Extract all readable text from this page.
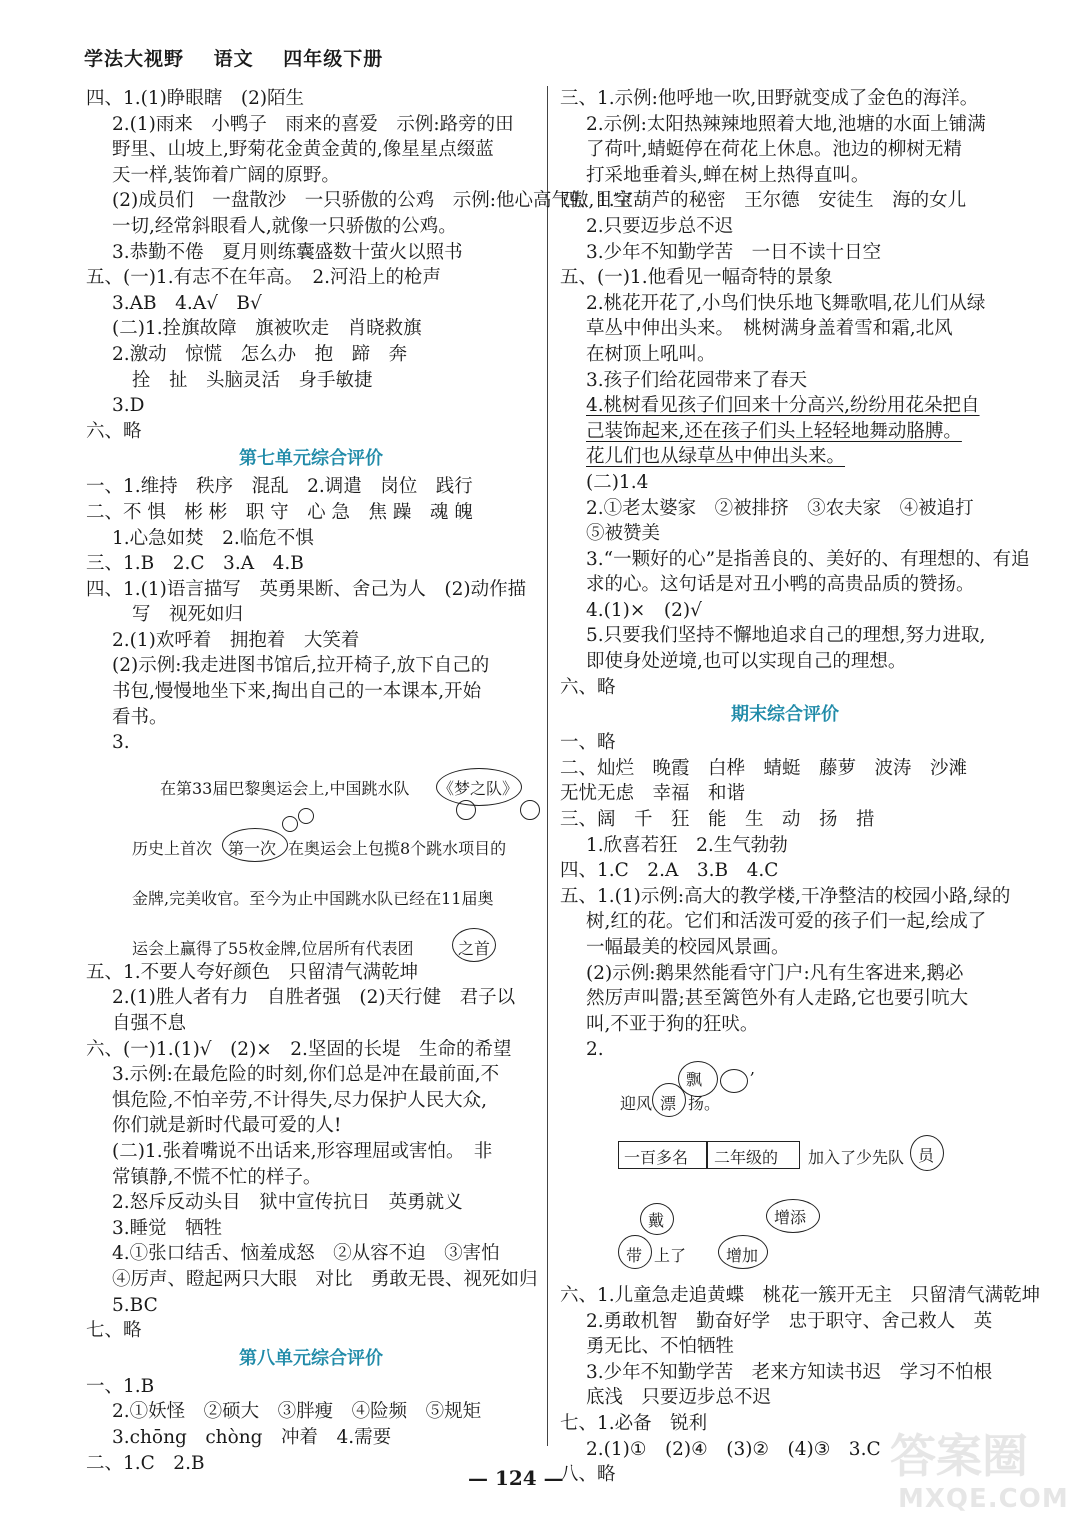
学法大视野 语文 四年级下册
四、1.(1)睁眼瞎　(2)陌生
2.(1)雨来　小鸭子　雨来的喜爱　示例:路旁的田
野里、山坡上,野菊花金黄金黄的,像星星点缀蓝
天一样,装饰着广阔的原野。
(2)成员们　一盘散沙　一只骄傲的公鸡　示例:他心高气傲,目空
一切,经常斜眼看人,就像一只骄傲的公鸡。
3.恭勤不倦　夏月则练囊盛数十萤火以照书
五、(一)1.有志不在年高。　2.河沿上的枪声
3.AB　4.A√　B√
(二)1.拴旗故障　旗被吹走　肖晓救旗
2.激动　惊慌　怎么办　抱　蹄　奔
拴　扯　头脑灵活　身手敏捷
3.D
六、略
第七单元综合评价
一、1.维持　秩序　混乱　2.调遣　岗位　践行
二、不 惧　彬 彬　职 守　心 急　焦 躁　魂 魄
1.心急如焚　2.临危不惧
三、1.B　2.C　3.A　4.B
四、1.(1)语言描写　英勇果断、舍己为人　(2)动作描
写　视死如归
2.(1)欢呼着　拥抱着　大笑着
(2)示例:我走进图书馆后,拉开椅子,放下自己的
书包,慢慢地坐下来,掏出自己的一本课本,开始
看书。
3.
在第33届巴黎奥运会上,中国跳水队 《梦之队》
历史上首次 第一次 在奥运会上包揽8个跳水项目的
金牌,完美收官。至今为止中国跳水队已经在11届奥
运会上赢得了55枚金牌,位居所有代表团	之首
五、1.不要人夸好颜色　只留清气满乾坤
2.(1)胜人者有力　自胜者强　(2)天行健　君子以
自强不息
六、(一)1.(1)√　(2)×　2.坚固的长堤　生命的希望
3.示例:在最危险的时刻,你们总是冲在最前面,不
惧危险,不怕辛劳,不计得失,尽力保护人民大众,
你们就是新时代最可爱的人!
(二)1.张着嘴说不出话来,形容理屈或害怕。　非
常镇静,不慌不忙的样子。
2.怒斥反动头目　狱中宣传抗日　英勇就义
3.睡觉　牺牲
4.①张口结舌、恼羞成怒　②从容不迫　③害怕
④厉声、瞪起两只大眼　对比　勇敢无畏、视死如归
5.BC
七、略
第八单元综合评价
一、1.B
2.①妖怪　②硕大　③胖瘦　④险频　⑤规矩
3.chōng　chòng　冲着　4.需要
二、1.C　2.B
三、1.示例:他呼地一吹,田野就变成了金色的海洋。
2.示例:太阳热辣辣地照着大地,池塘的水面上铺满
了荷叶,蜻蜓停在荷花上休息。池边的柳树无精
打采地垂着头,蝉在树上热得直叫。
四、1.宝葫芦的秘密　王尔德　安徒生　海的女儿
2.只要迈步总不迟
3.少年不知勤学苦　一日不读十日空
五、(一)1.他看见一幅奇特的景象
2.桃花开花了,小鸟们快乐地飞舞歌唱,花儿们从绿
草丛中伸出头来。　桃树满身盖着雪和霜,北风
在树顶上吼叫。
3.孩子们给花园带来了春天
4.桃树看见孩子们回来十分高兴,纷纷用花朵把自
己装饰起来,还在孩子们头上轻轻地舞动胳膊。
花儿们也从绿草丛中伸出头来。
(二)1.4
2.①老太婆家　②被排挤　③农夫家　④被追打
⑤被赞美
3.“一颗好的心”是指善良的、美好的、有理想的、有追
求的心。这句话是对丑小鸭的高贵品质的赞扬。
4.(1)×　(2)√
5.只要我们坚持不懈地追求自己的理想,努力进取,
即使身处逆境,也可以实现自己的理想。
六、略
期末综合评价
一、略
二、灿烂　晚霞　白桦　蜻蜓　藤萝　波涛　沙滩
无忧无虑　幸福　和谐
三、阔　千　狂　能　生　动　扬　措
1.欣喜若狂　2.生气勃勃
四、1.C　2.A　3.B　4.C
五、1.(1)示例:高大的教学楼,干净整洁的校园小路,绿的
树,红的花。它们和活泼可爱的孩子们一起,绘成了
一幅最美的校园风景画。
(2)示例:鹅果然能看守门户:凡有生客进来,鹅必
然厉声叫嚣;甚至篱笆外有人走路,它也要引吭大
叫,不亚于狗的狂吠。
2.
飘
,
迎风 漂 扬。
一百多名 二年级的 加入了少先队 员
戴
带 上了
增添
增加
六、1.儿童急走追黄蝶　桃花一簇开无主　只留清气满乾坤
2.勇敢机智　勤奋好学　忠于职守、舍己救人　英
勇无比、不怕牺牲
3.少年不知勤学苦　老来方知读书迟　学习不怕根
底浅　只要迈步总不迟
七、1.必备　锐利
2.(1)①　(2)④　(3)②　(4)③　3.C
八、略
— 124 —	答案圈
MXQE.COM
